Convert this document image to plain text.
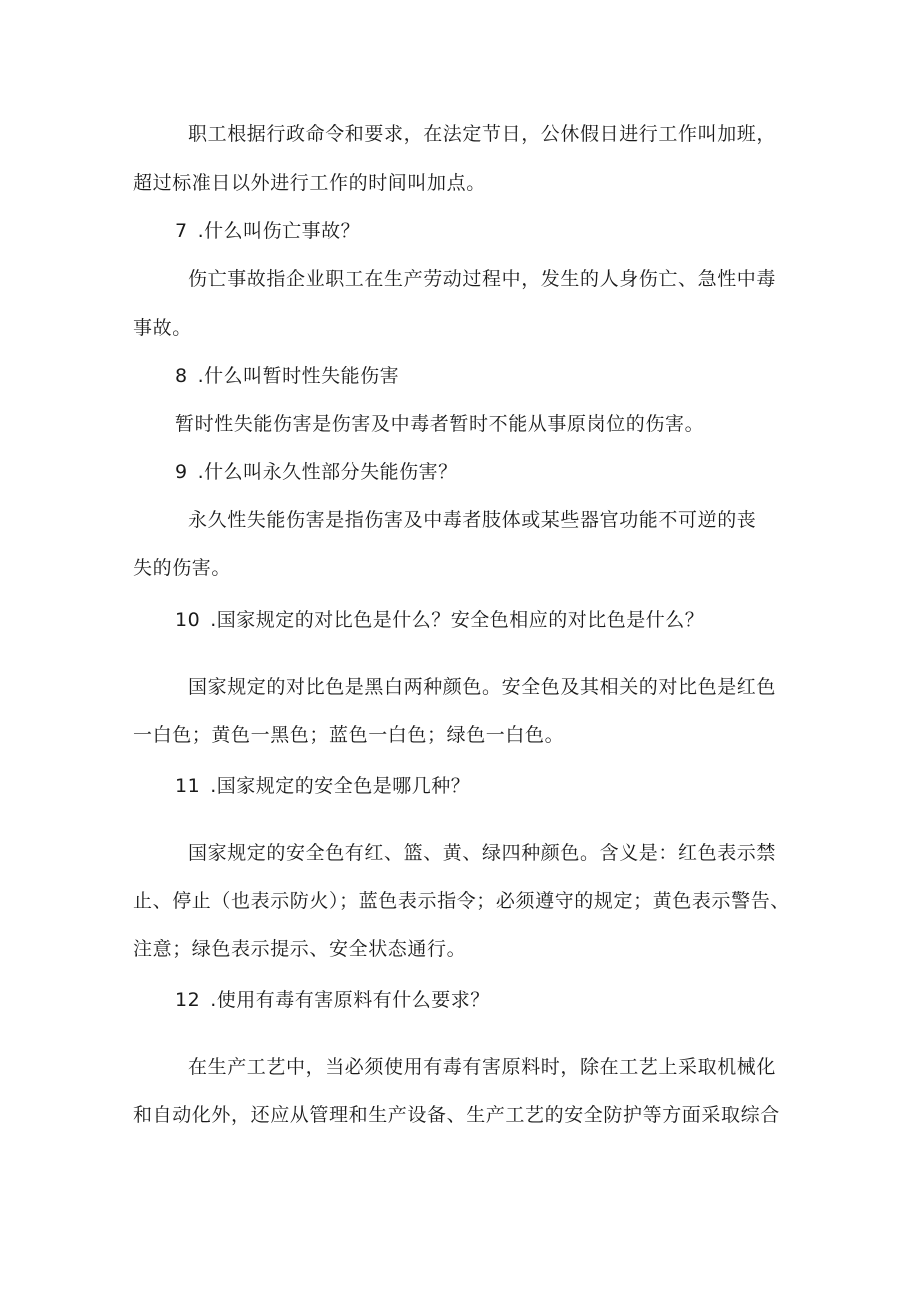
职工根据行政命令和要求，在法定节日，公休假日进行工作叫加班，
超过标准日以外进行工作的时间叫加点。
7 .什么叫伤亡事故？
伤亡事故指企业职工在生产劳动过程中，发生的人身伤亡、急性中毒
事故。
8 .什么叫暂时性失能伤害
暂时性失能伤害是伤害及中毒者暂时不能从事原岗位的伤害。
9 .什么叫永久性部分失能伤害？
永久性失能伤害是指伤害及中毒者肢体或某些器官功能不可逆的丧
失的伤害。
10 .国家规定的对比色是什么？安全色相应的对比色是什么？
国家规定的对比色是黑白两种颜色。安全色及其相关的对比色是红色
一白色；黄色一黑色；蓝色一白色；绿色一白色。
11 .国家规定的安全色是哪几种？
国家规定的安全色有红、篮、黄、绿四种颜色。含义是：红色表示禁
止、停止（也表示防火）；蓝色表示指令；必须遵守的规定；黄色表示警告、
注意；绿色表示提示、安全状态通行。
12 .使用有毒有害原料有什么要求？
在生产工艺中，当必须使用有毒有害原料时，除在工艺上采取机械化
和自动化外，还应从管理和生产设备、生产工艺的安全防护等方面采取综合
